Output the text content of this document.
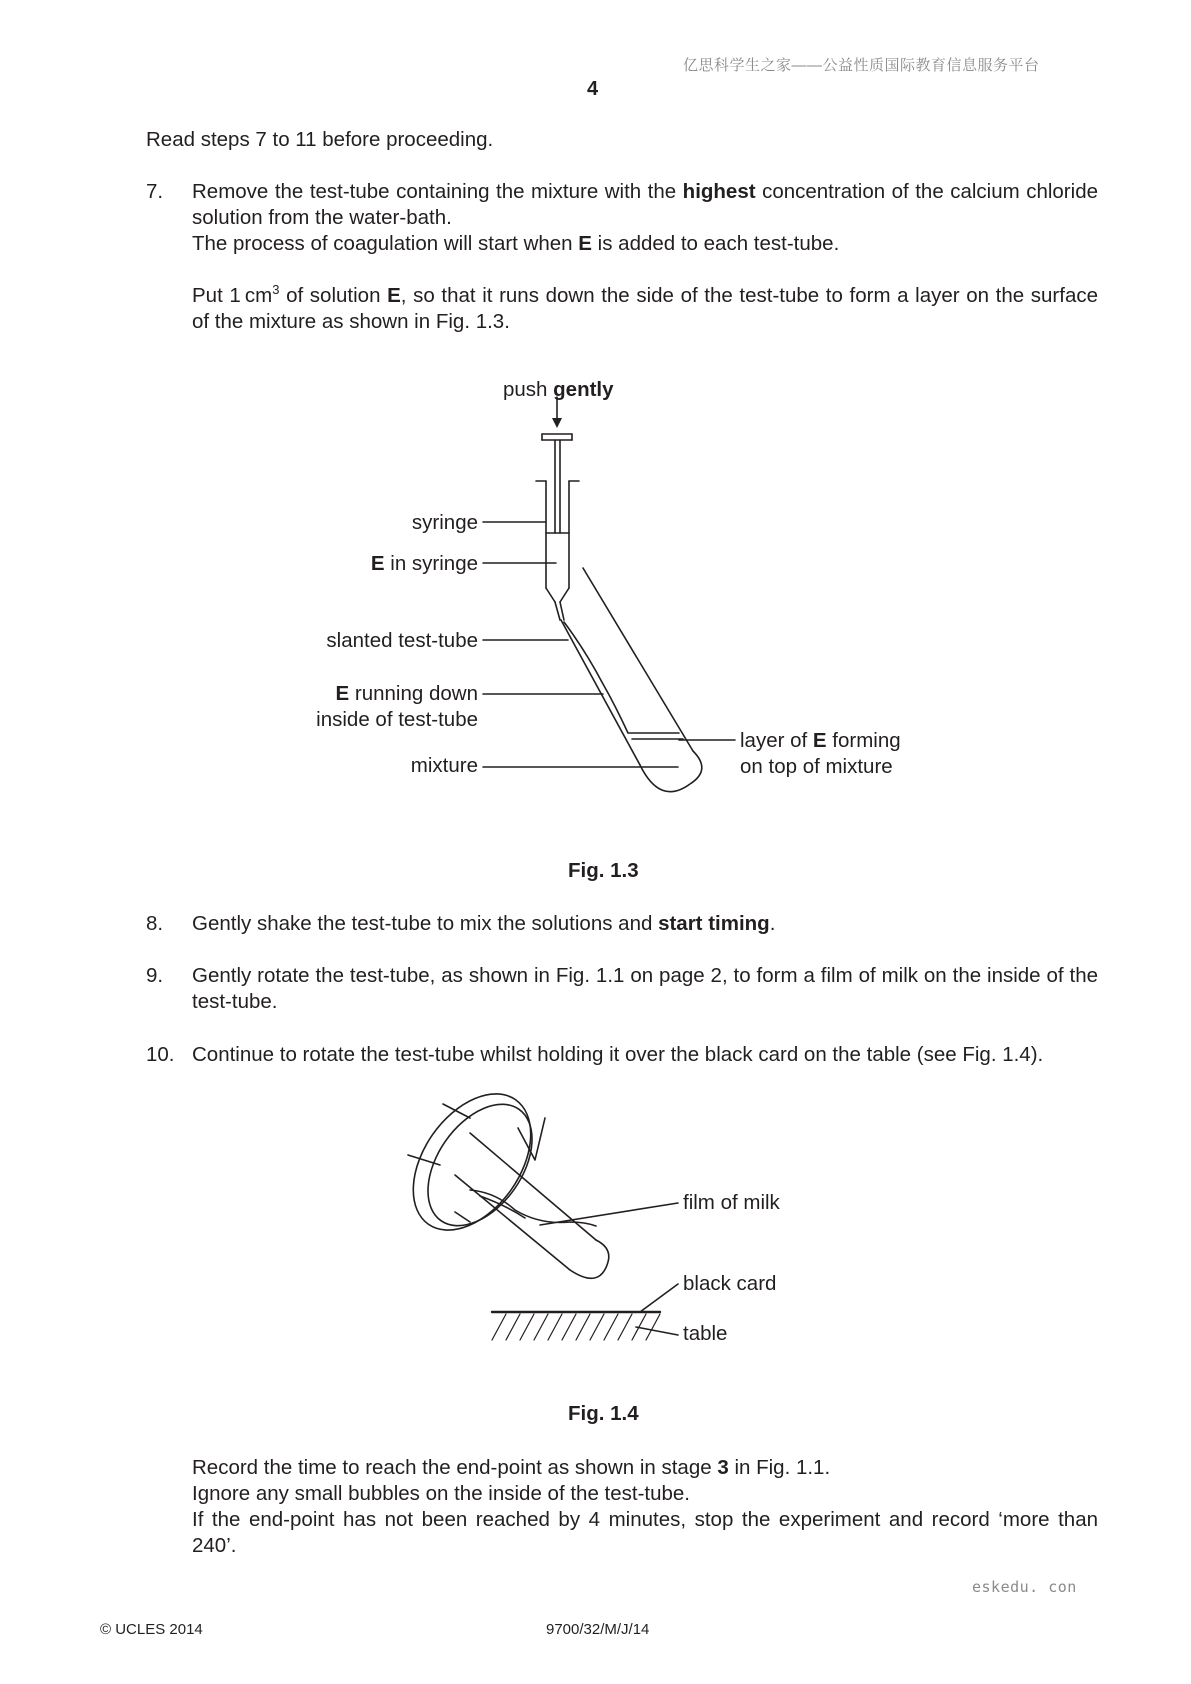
亿思科学生之家——公益性质国际教育信息服务平台
4
Read steps 7 to 11 before proceeding.
7. Remove the test-tube containing the mixture with the highest concentration of the calcium chloride solution from the water-bath.
The process of coagulation will start when E is added to each test-tube.
Put 1 $cm^3$ of solution E, so that it runs down the side of the test-tube to form a layer on the surface of the mixture as shown in Fig. 1.3.
push gently
syringe
E in syringe
slanted test-tube
E running down
inside of test-tube
mixture
layer of E forming
on top of mixture
Fig. 1.3
8. Gently shake the test-tube to mix the solutions and start timing.
9. Gently rotate the test-tube, as shown in Fig. 1.1 on page 2, to form a film of milk on the inside of the test-tube.
10. Continue to rotate the test-tube whilst holding it over the black card on the table (see Fig. 1.4).
film of milk
black card
table
Fig. 1.4
Record the time to reach the end-point as shown in stage 3 in Fig. 1.1.
Ignore any small bubbles on the inside of the test-tube.
If the end-point has not been reached by 4 minutes, stop the experiment and record ‘more than 240’.
eskedu. con
© UCLES 2014	9700/32/M/J/14
